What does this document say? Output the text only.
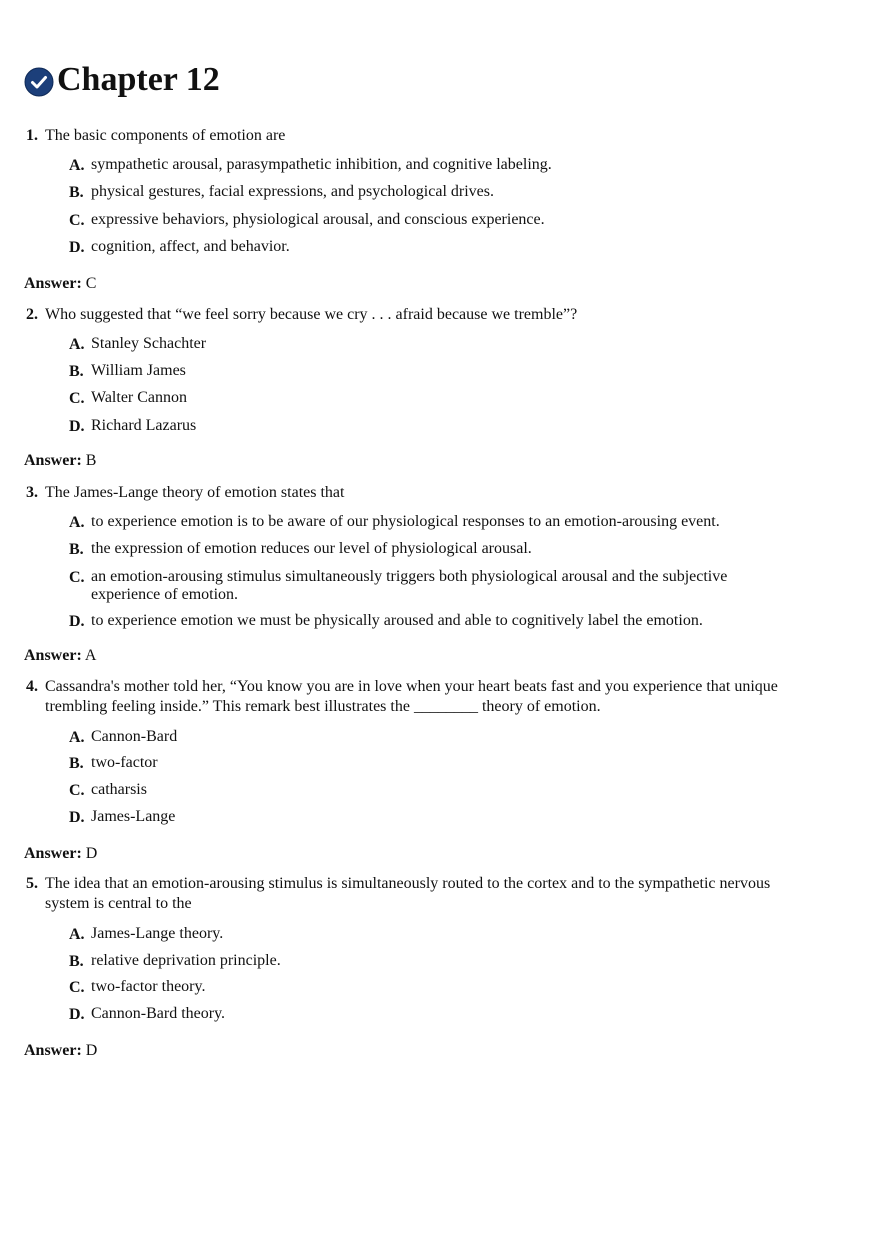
Chapter 12
1. The basic components of emotion are
A. sympathetic arousal, parasympathetic inhibition, and cognitive labeling.
B. physical gestures, facial expressions, and psychological drives.
C. expressive behaviors, physiological arousal, and conscious experience.
D. cognition, affect, and behavior.
Answer: C
2. Who suggested that “we feel sorry because we cry . . . afraid because we tremble”?
A. Stanley Schachter
B. William James
C. Walter Cannon
D. Richard Lazarus
Answer: B
3. The James-Lange theory of emotion states that
A. to experience emotion is to be aware of our physiological responses to an emotion-arousing event.
B. the expression of emotion reduces our level of physiological arousal.
C. an emotion-arousing stimulus simultaneously triggers both physiological arousal and the subjective
experience of emotion.
D. to experience emotion we must be physically aroused and able to cognitively label the emotion.
Answer: A
4. Cassandra's mother told her, “You know you are in love when your heart beats fast and you experience that unique
trembling feeling inside.” This remark best illustrates the ________ theory of emotion.
A. Cannon-Bard
B. two-factor
C. catharsis
D. James-Lange
Answer: D
5. The idea that an emotion-arousing stimulus is simultaneously routed to the cortex and to the sympathetic nervous
system is central to the
A. James-Lange theory.
B. relative deprivation principle.
C. two-factor theory.
D. Cannon-Bard theory.
Answer: D
